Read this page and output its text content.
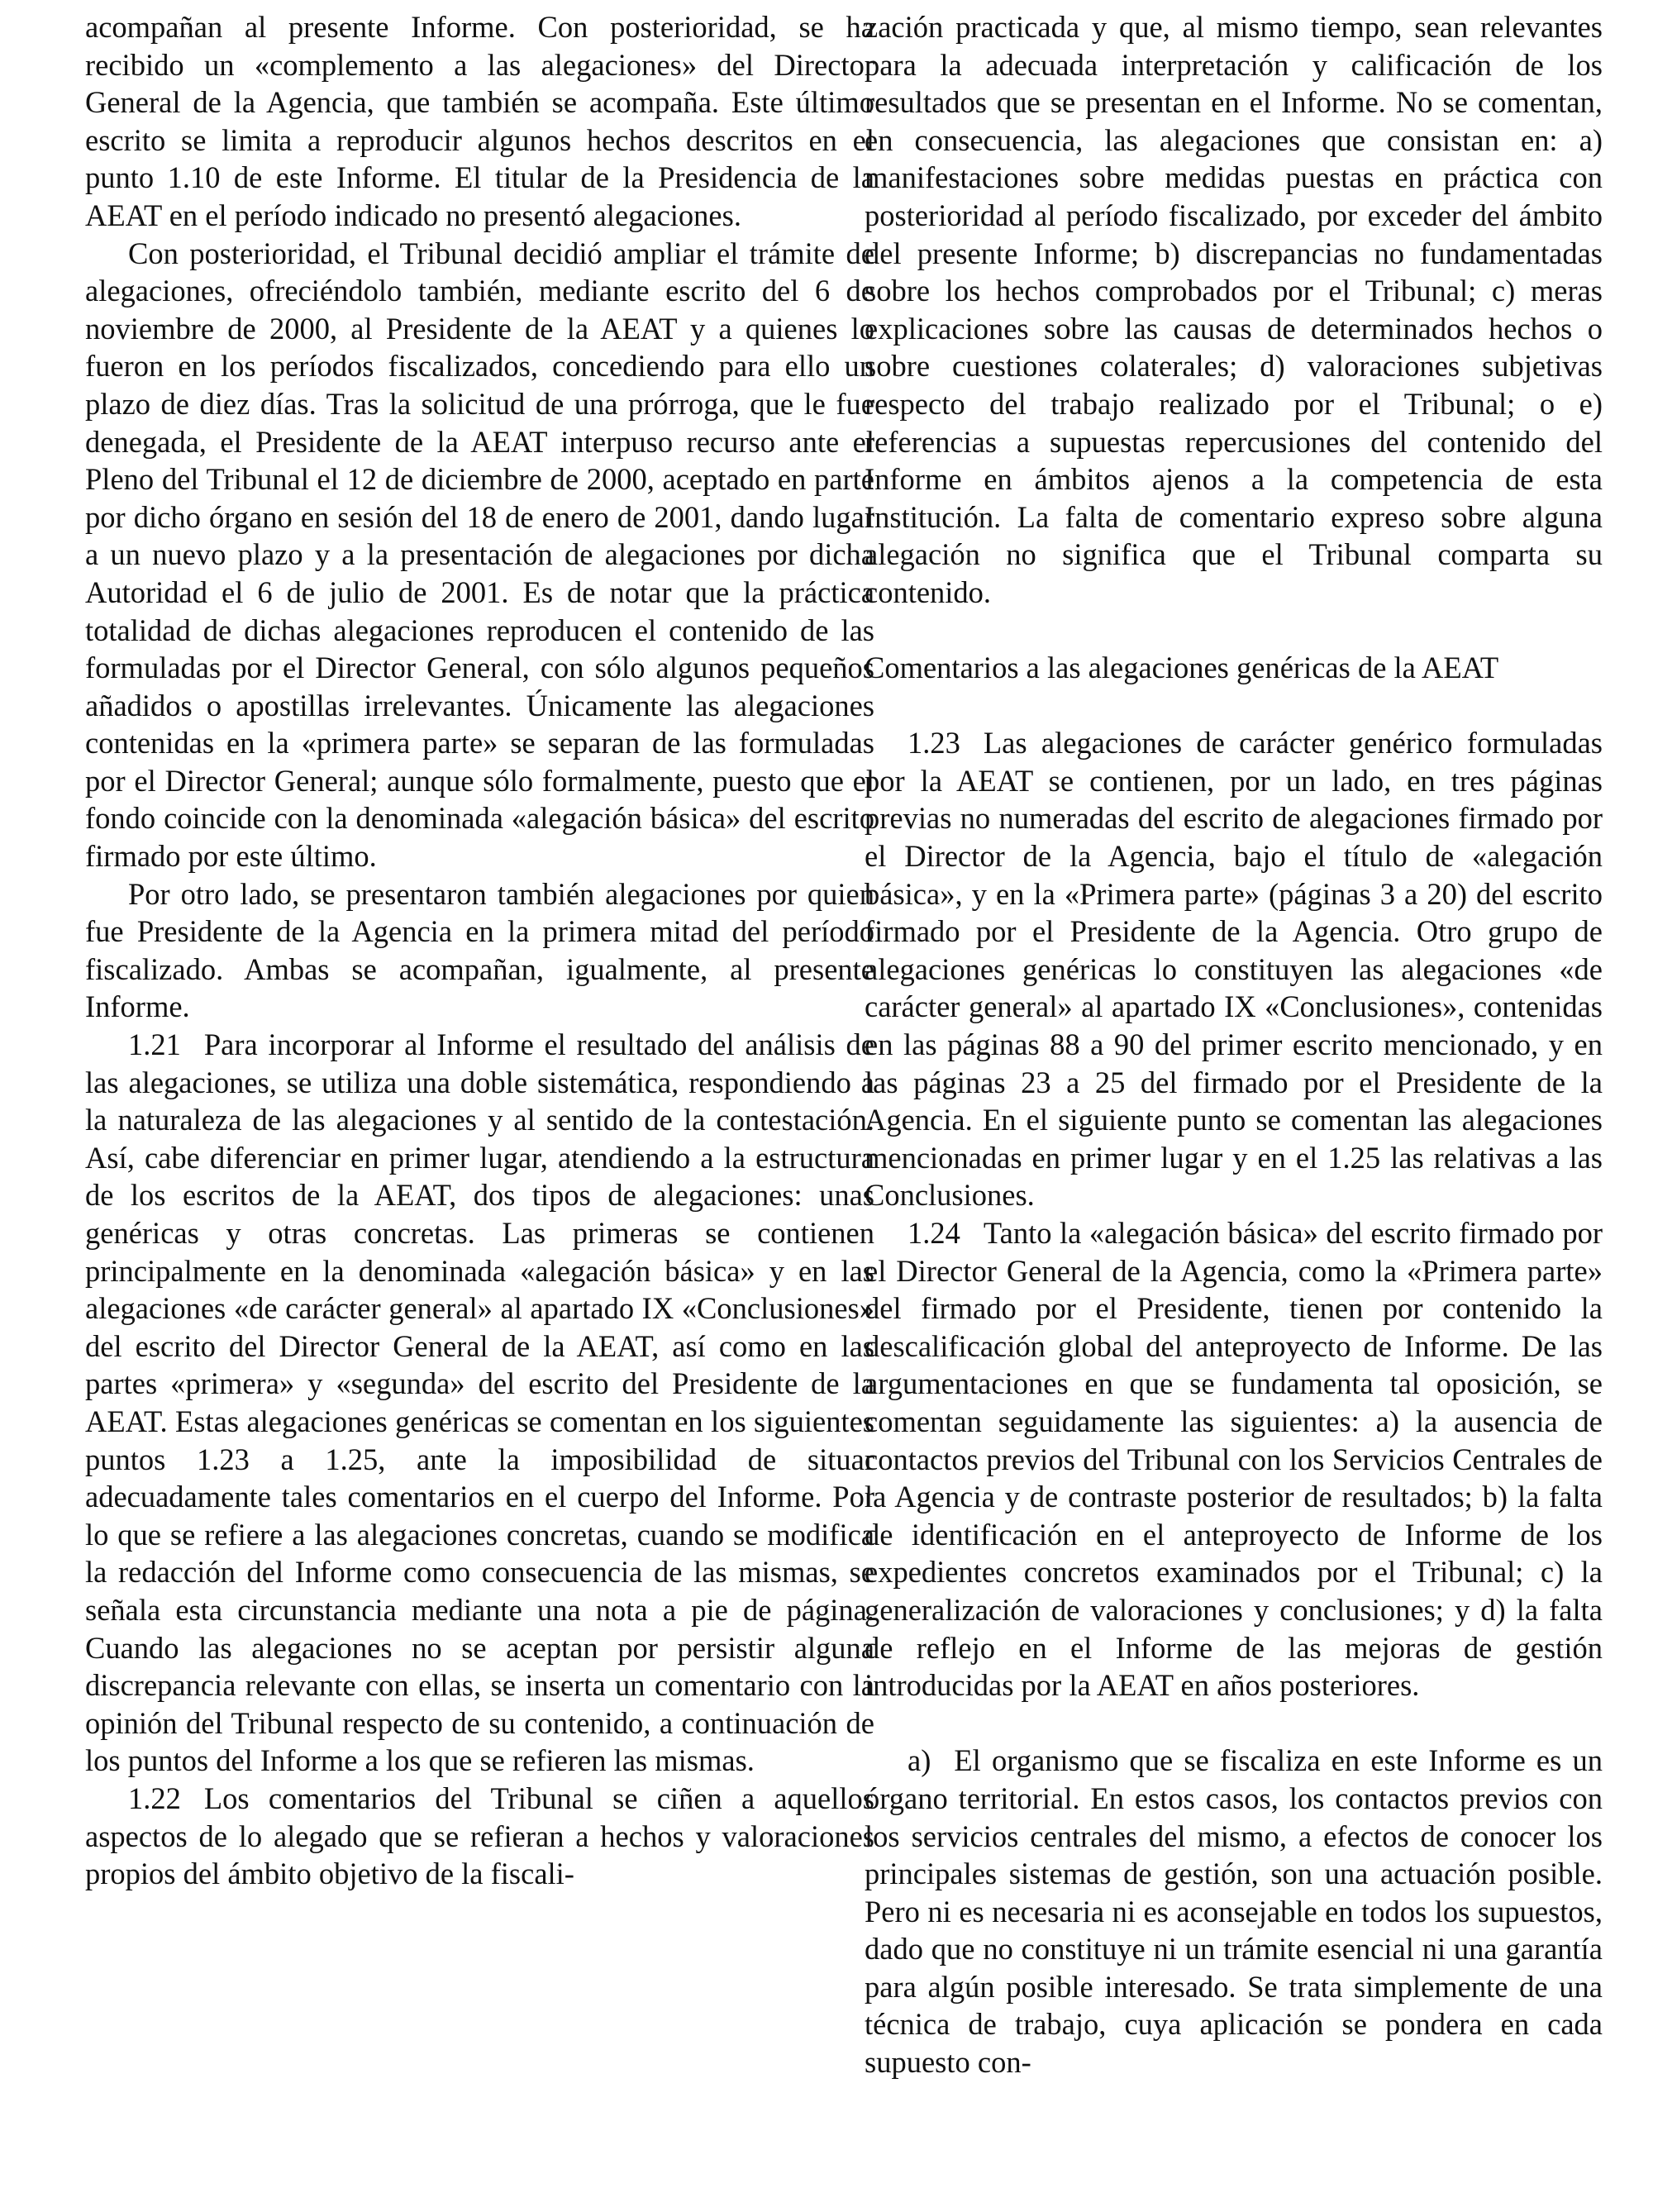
acompañan al presente Informe. Con posterioridad, se ha recibido un «complemento a las alegaciones» del Director General de la Agencia, que también se acompaña. Este último escrito se limita a reproducir algunos hechos descritos en el punto 1.10 de este Informe. El titular de la Presidencia de la AEAT en el período indicado no presentó alegaciones.

Con posterioridad, el Tribunal decidió ampliar el trámite de alegaciones, ofreciéndolo también, mediante escrito del 6 de noviembre de 2000, al Presidente de la AEAT y a quienes lo fueron en los períodos fiscalizados, concediendo para ello un plazo de diez días. Tras la solicitud de una prórroga, que le fue denegada, el Presidente de la AEAT interpuso recurso ante el Pleno del Tribunal el 12 de diciembre de 2000, aceptado en parte por dicho órgano en sesión del 18 de enero de 2001, dando lugar a un nuevo plazo y a la presentación de alegaciones por dicha Autoridad el 6 de julio de 2001. Es de notar que la práctica totalidad de dichas alegaciones reproducen el contenido de las formuladas por el Director General, con sólo algunos pequeños añadidos o apostillas irrelevantes. Únicamente las alegaciones contenidas en la «primera parte» se separan de las formuladas por el Director General; aunque sólo formalmente, puesto que el fondo coincide con la denominada «alegación básica» del escrito firmado por este último.

Por otro lado, se presentaron también alegaciones por quien fue Presidente de la Agencia en la primera mitad del período fiscalizado. Ambas se acompañan, igualmente, al presente Informe.

1.21 Para incorporar al Informe el resultado del análisis de las alegaciones, se utiliza una doble sistemática, respondiendo a la naturaleza de las alegaciones y al sentido de la contestación. Así, cabe diferenciar en primer lugar, atendiendo a la estructura de los escritos de la AEAT, dos tipos de alegaciones: unas genéricas y otras concretas. Las primeras se contienen principalmente en la denominada «alegación básica» y en las alegaciones «de carácter general» al apartado IX «Conclusiones» del escrito del Director General de la AEAT, así como en las partes «primera» y «segunda» del escrito del Presidente de la AEAT. Estas alegaciones genéricas se comentan en los siguientes puntos 1.23 a 1.25, ante la imposibilidad de situar adecuadamente tales comentarios en el cuerpo del Informe. Por lo que se refiere a las alegaciones concretas, cuando se modifica la redacción del Informe como consecuencia de las mismas, se señala esta circunstancia mediante una nota a pie de página. Cuando las alegaciones no se aceptan por persistir alguna discrepancia relevante con ellas, se inserta un comentario con la opinión del Tribunal respecto de su contenido, a continuación de los puntos del Informe a los que se refieren las mismas.

1.22 Los comentarios del Tribunal se ciñen a aquellos aspectos de lo alegado que se refieran a hechos y valoraciones propios del ámbito objetivo de la fiscali-

zación practicada y que, al mismo tiempo, sean relevantes para la adecuada interpretación y calificación de los resultados que se presentan en el Informe. No se comentan, en consecuencia, las alegaciones que consistan en: a) manifestaciones sobre medidas puestas en práctica con posterioridad al período fiscalizado, por exceder del ámbito del presente Informe; b) discrepancias no fundamentadas sobre los hechos comprobados por el Tribunal; c) meras explicaciones sobre las causas de determinados hechos o sobre cuestiones colaterales; d) valoraciones subjetivas respecto del trabajo realizado por el Tribunal; o e) referencias a supuestas repercusiones del contenido del Informe en ámbitos ajenos a la competencia de esta Institución. La falta de comentario expreso sobre alguna alegación no significa que el Tribunal comparta su contenido.

Comentarios a las alegaciones genéricas de la AEAT

1.23 Las alegaciones de carácter genérico formuladas por la AEAT se contienen, por un lado, en tres páginas previas no numeradas del escrito de alegaciones firmado por el Director de la Agencia, bajo el título de «alegación básica», y en la «Primera parte» (páginas 3 a 20) del escrito firmado por el Presidente de la Agencia. Otro grupo de alegaciones genéricas lo constituyen las alegaciones «de carácter general» al apartado IX «Conclusiones», contenidas en las páginas 88 a 90 del primer escrito mencionado, y en las páginas 23 a 25 del firmado por el Presidente de la Agencia. En el siguiente punto se comentan las alegaciones mencionadas en primer lugar y en el 1.25 las relativas a las Conclusiones.

1.24 Tanto la «alegación básica» del escrito firmado por el Director General de la Agencia, como la «Primera parte» del firmado por el Presidente, tienen por contenido la descalificación global del anteproyecto de Informe. De las argumentaciones en que se fundamenta tal oposición, se comentan seguidamente las siguientes: a) la ausencia de contactos previos del Tribunal con los Servicios Centrales de la Agencia y de contraste posterior de resultados; b) la falta de identificación en el anteproyecto de Informe de los expedientes concretos examinados por el Tribunal; c) la generalización de valoraciones y conclusiones; y d) la falta de reflejo en el Informe de las mejoras de gestión introducidas por la AEAT en años posteriores.

a) El organismo que se fiscaliza en este Informe es un órgano territorial. En estos casos, los contactos previos con los servicios centrales del mismo, a efectos de conocer los principales sistemas de gestión, son una actuación posible. Pero ni es necesaria ni es aconsejable en todos los supuestos, dado que no constituye ni un trámite esencial ni una garantía para algún posible interesado. Se trata simplemente de una técnica de trabajo, cuya aplicación se pondera en cada supuesto con-
